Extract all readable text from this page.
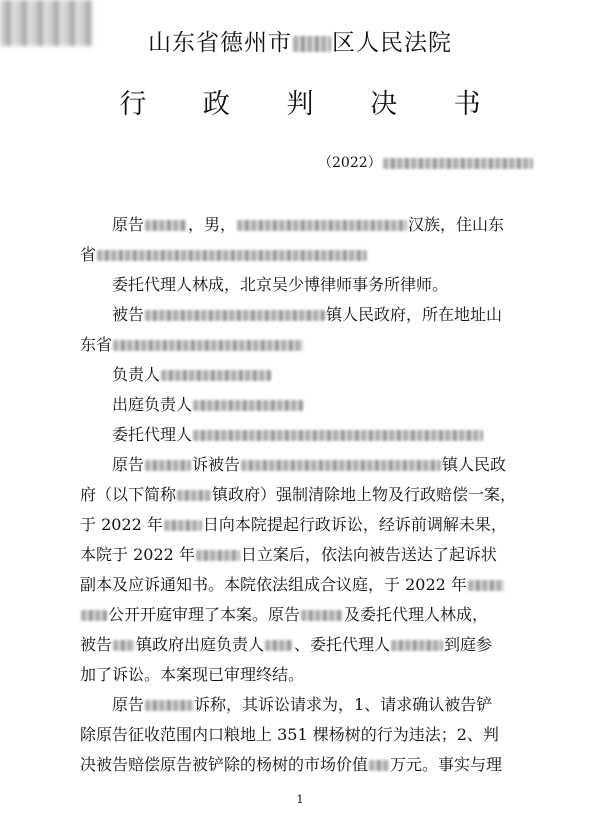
山东省德州市 区人民法院
行 政 判 决 书
（2022）
原告	，男，	汉族，住山东
省
委托代理人林成，北京吴少博律师事务所律师。
被告	镇人民政府，所在地址山
东省
负责人
出庭负责人
委托代理人
原告	诉被告	镇人民政
府（以下简称 镇政府）强制清除地上物及行政赔偿一案，
于 2022 年	日向本院提起行政诉讼，经诉前调解未果，
本院于 2022 年	日立案后，依法向被告送达了起诉状
副本及应诉通知书。本院依法组成合议庭，于 2022 年
公开开庭审理了本案。原告	及委托代理人林成，
被告 镇政府出庭负责人 、委托代理人	到庭参
加了诉讼。本案现已审理终结。
原告	诉称，其诉讼请求为，1、请求确认被告铲
除原告征收范围内口粮地上 351 棵杨树的行为违法；2、判
决被告赔偿原告被铲除的杨树的市场价值 万元。事实与理
1
